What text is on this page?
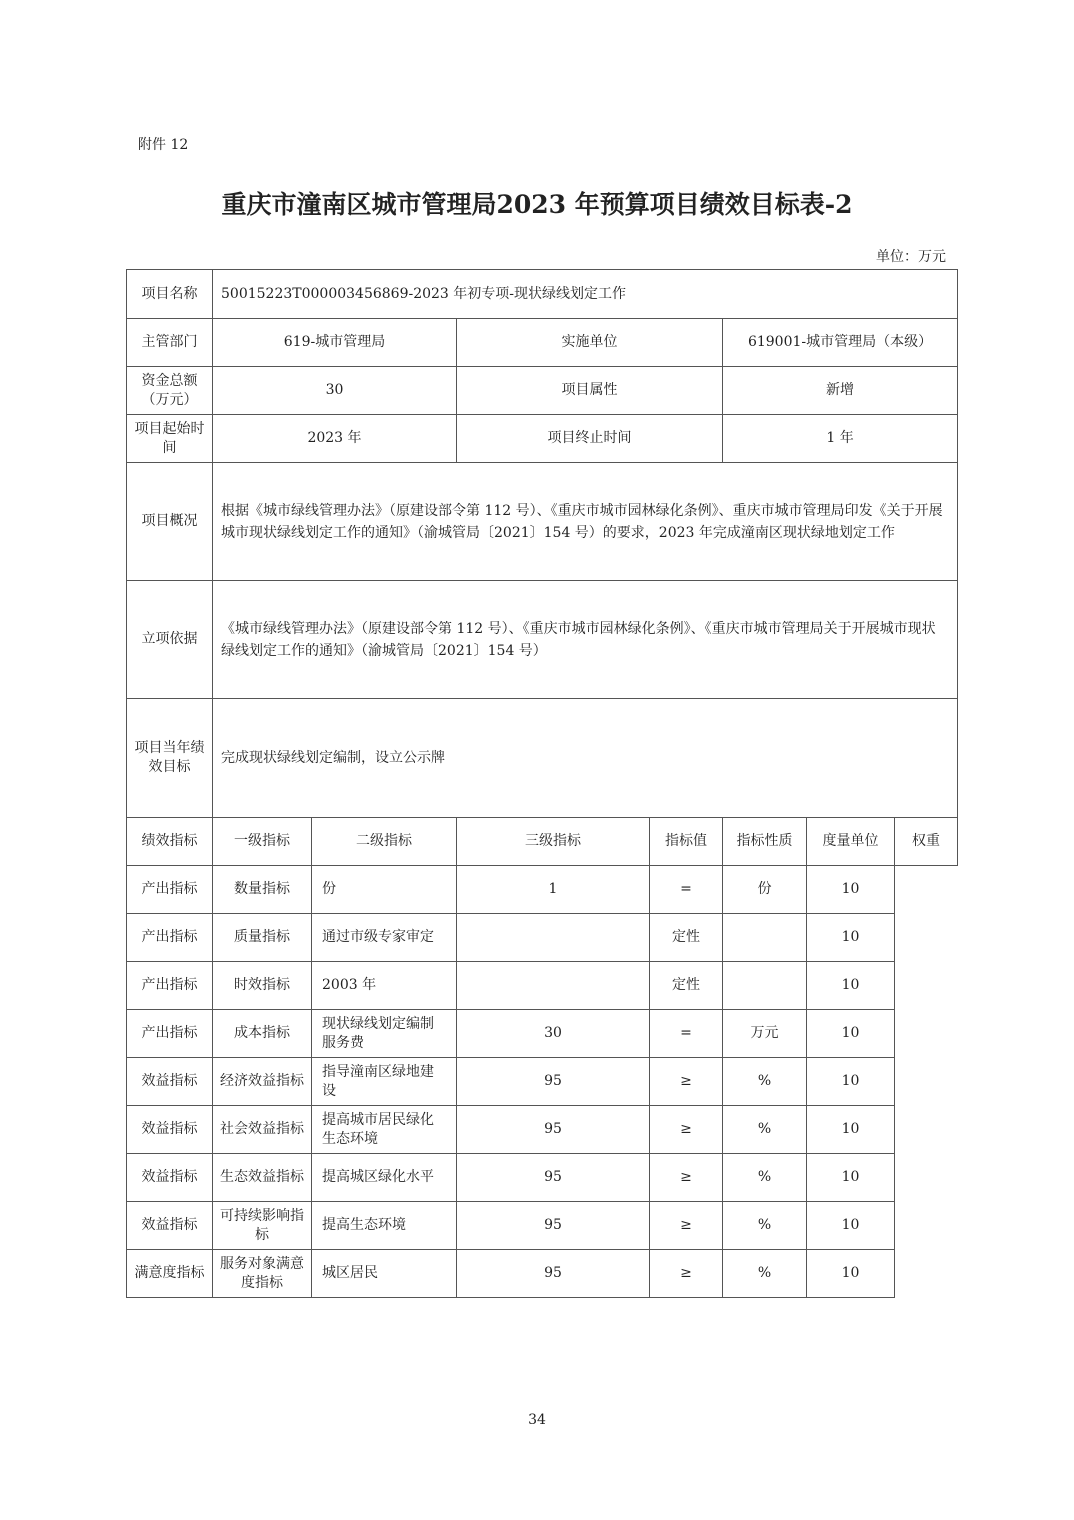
附件 12
重庆市潼南区城市管理局2023 年预算项目绩效目标表-2
单位：万元
项目名称	50015223T000003456869-2023 年初专项-现状绿线划定工作						
主管部门	619-城市管理局		实施单位		619001-城市管理局（本级）		
资金总额（万元）	30		项目属性		新增		
项目起始时间	2023 年		项目终止时间		1 年		
项目概况	根据《城市绿线管理办法》（原建设部令第 112 号）、《重庆市城市园林绿化条例》、重庆市城市管理局印发《关于开展城市现状绿线划定工作的通知》（渝城管局〔2021〕154 号）的要求，2023 年完成潼南区现状绿地划定工作						
立项依据	《城市绿线管理办法》（原建设部令第 112 号）、《重庆市城市园林绿化条例》、《重庆市城市管理局关于开展城市现状绿线划定工作的通知》（渝城管局〔2021〕154 号）						
项目当年绩效目标	完成现状绿线划定编制，设立公示牌						
绩效指标	一级指标	二级指标	三级指标	指标值	指标性质	度量单位	权重
产出指标	数量指标	份	1	=	份	10	
产出指标	质量指标	通过市级专家审定		定性		10	
产出指标	时效指标	2003 年		定性		10	
产出指标	成本指标	现状绿线划定编制服务费	30	=	万元	10	
效益指标	经济效益指标	指导潼南区绿地建设	95	≥	%	10	
效益指标	社会效益指标	提高城市居民绿化生态环境	95	≥	%	10	
效益指标	生态效益指标	提高城区绿化水平	95	≥	%	10	
效益指标	可持续影响指标	提高生态环境	95	≥	%	10	
满意度指标	服务对象满意度指标	城区居民	95	≥	%	10	
34
